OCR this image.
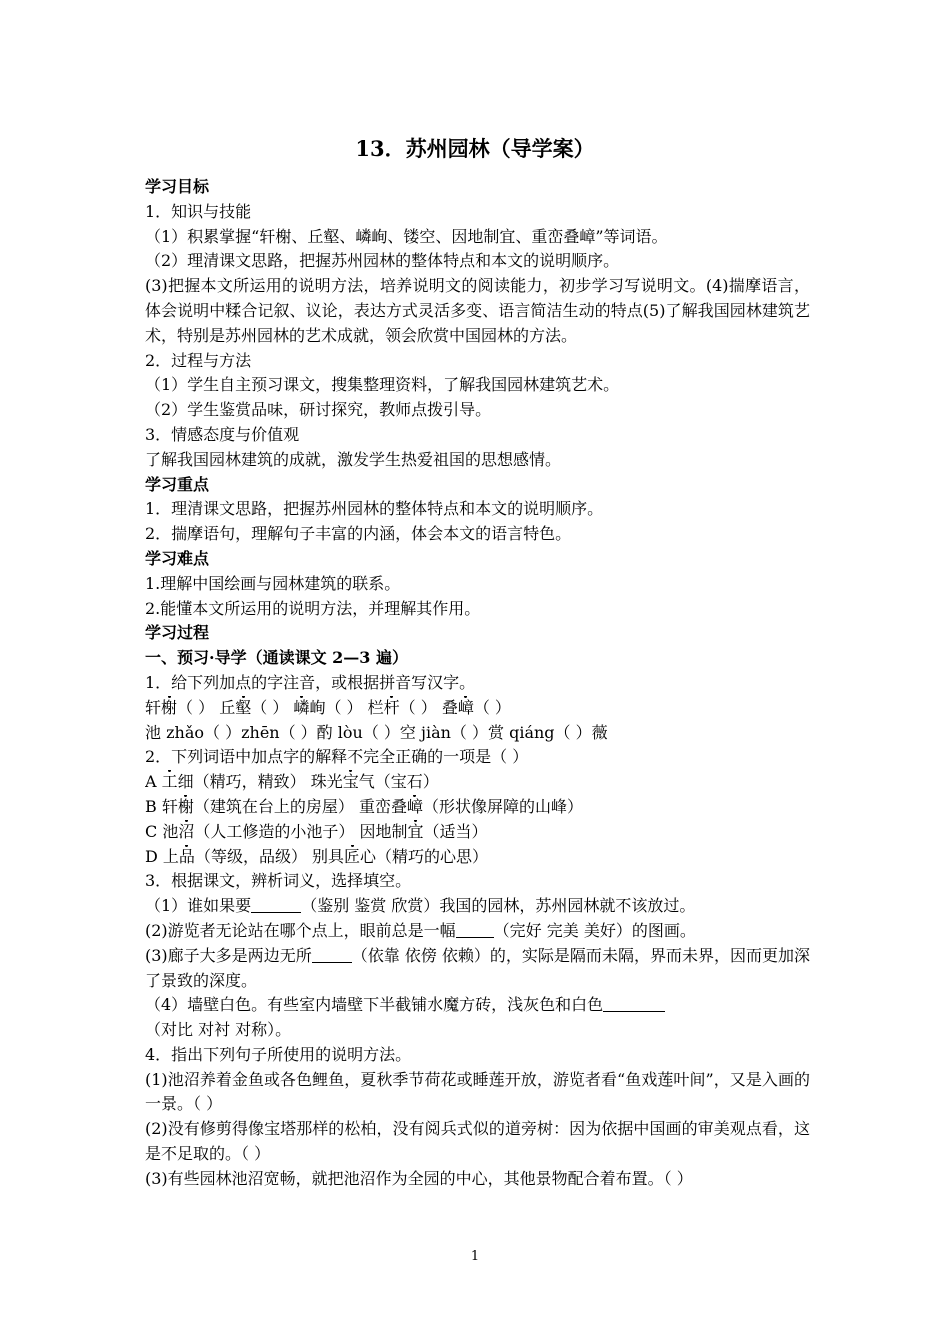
13．苏州园林（导学案）
学习目标
1．知识与技能
（1）积累掌握“轩榭、丘壑、嶙峋、镂空、因地制宜、重峦叠嶂”等词语。
（2）理清课文思路，把握苏州园林的整体特点和本文的说明顺序。
(3)把握本文所运用的说明方法，培养说明文的阅读能力，初步学习写说明文。(4)揣摩语言，体会说明中糅合记叙、议论，表达方式灵活多变、语言简洁生动的特点(5)了解我国园林建筑艺术，特别是苏州园林的艺术成就，领会欣赏中国园林的方法。
2．过程与方法
（1）学生自主预习课文，搜集整理资料，了解我国园林建筑艺术。
（2）学生鉴赏品味，研讨探究，教师点拨引导。
3．情感态度与价值观
了解我国园林建筑的成就，激发学生热爱祖国的思想感情。
学习重点
1．理清课文思路，把握苏州园林的整体特点和本文的说明顺序。
2．揣摩语句，理解句子丰富的内涵，体会本文的语言特色。
学习难点
1.理解中国绘画与园林建筑的联系。
2.能懂本文所运用的说明方法，并理解其作用。
学习过程
一、预习·导学（通读课文 2—3 遍）
1．给下列加点的字注音，或根据拼音写汉字。
轩榭（ ） 丘壑（ ） 嶙峋（ ） 栏杆（ ） 叠嶂（ ）
池 zhǎo（ ）zhēn（ ）酌 lòu（ ）空 jiàn（ ）赏 qiáng（ ）薇
2．下列词语中加点字的解释不完全正确的一项是（ ）
A 工细（精巧，精致） 珠光宝气（宝石）
B 轩榭（建筑在台上的房屋） 重峦叠嶂（形状像屏障的山峰）
C 池沼（人工修造的小池子） 因地制宜（适当）
D 上品（等级，品级） 别具匠心（精巧的心思）
3．根据课文，辨析词义，选择填空。
（1）谁如果要	（鉴别 鉴赏 欣赏）我国的园林，苏州园林就不该放过。
(2)游览者无论站在哪个点上，眼前总是一幅 （完好 完美 美好）的图画。
(3)廊子大多是两边无所	（依靠 依傍 依赖）的，实际是隔而未隔，界而未界，因而更加深了景致的深度。
（4）墙壁白色。有些室内墙壁下半截铺水魔方砖，浅灰色和白色
（对比 对衬 对称）。
4．指出下列句子所使用的说明方法。
(1)池沼养着金鱼或各色鲤鱼，夏秋季节荷花或睡莲开放，游览者看“鱼戏莲叶间”，又是入画的一景。（ ）
(2)没有修剪得像宝塔那样的松柏，没有阅兵式似的道旁树：因为依据中国画的审美观点看，这是不足取的。（ ）
(3)有些园林池沼宽畅，就把池沼作为全园的中心，其他景物配合着布置。（ ）
1
